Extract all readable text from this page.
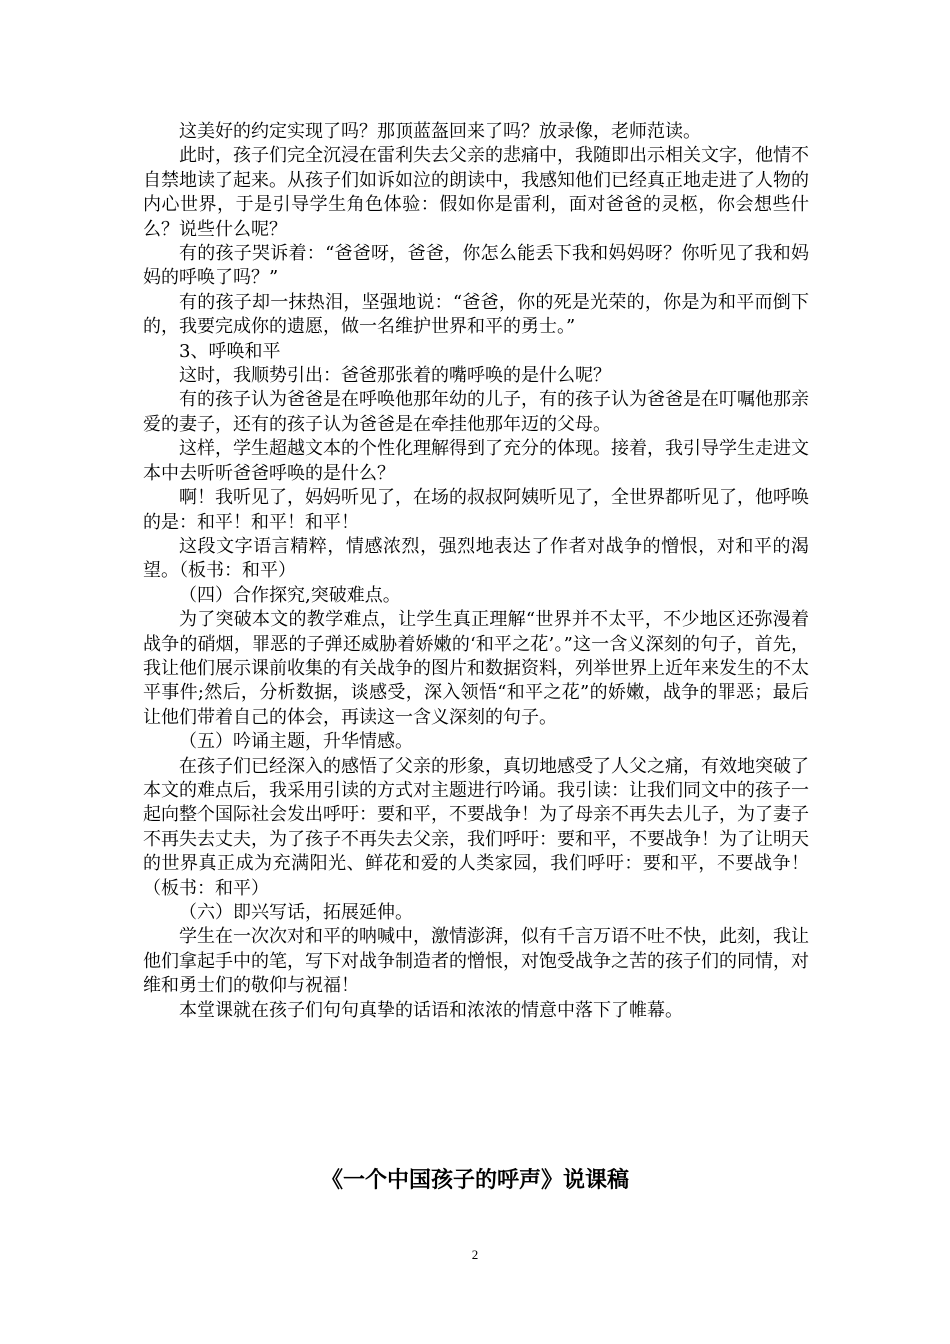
这美好的约定实现了吗？那顶蓝盔回来了吗？放录像，老师范读。

此时，孩子们完全沉浸在雷利失去父亲的悲痛中，我随即出示相关文字，他情不自禁地读了起来。从孩子们如诉如泣的朗读中，我感知他们已经真正地走进了人物的内心世界，于是引导学生角色体验：假如你是雷利，面对爸爸的灵柩，你会想些什么？说些什么呢？

有的孩子哭诉着：“爸爸呀，爸爸，你怎么能丢下我和妈妈呀？你听见了我和妈妈的呼唤了吗？”

有的孩子却一抹热泪，坚强地说：“爸爸，你的死是光荣的，你是为和平而倒下的，我要完成你的遗愿，做一名维护世界和平的勇士。”

3、呼唤和平

这时，我顺势引出：爸爸那张着的嘴呼唤的是什么呢？

有的孩子认为爸爸是在呼唤他那年幼的儿子，有的孩子认为爸爸是在叮嘱他那亲爱的妻子，还有的孩子认为爸爸是在牵挂他那年迈的父母。

这样，学生超越文本的个性化理解得到了充分的体现。接着，我引导学生走进文本中去听听爸爸呼唤的是什么？

啊！我听见了，妈妈听见了，在场的叔叔阿姨听见了，全世界都听见了，他呼唤的是：和平！和平！和平！

这段文字语言精粹，情感浓烈，强烈地表达了作者对战争的憎恨，对和平的渴望。（板书：和平）

（四）合作探究,突破难点。

为了突破本文的教学难点，让学生真正理解“世界并不太平，不少地区还弥漫着战争的硝烟，罪恶的子弹还威胁着娇嫩的‘和平之花’。”这一含义深刻的句子，首先，我让他们展示课前收集的有关战争的图片和数据资料，列举世界上近年来发生的不太平事件;然后，分析数据，谈感受，深入领悟“和平之花”的娇嫩，战争的罪恶；最后让他们带着自己的体会，再读这一含义深刻的句子。

（五）吟诵主题，升华情感。

在孩子们已经深入的感悟了父亲的形象，真切地感受了人父之痛，有效地突破了本文的难点后，我采用引读的方式对主题进行吟诵。我引读：让我们同文中的孩子一起向整个国际社会发出呼吁：要和平，不要战争！为了母亲不再失去儿子，为了妻子不再失去丈夫，为了孩子不再失去父亲，我们呼吁：要和平，不要战争！为了让明天的世界真正成为充满阳光、鲜花和爱的人类家园，我们呼吁：要和平，不要战争！（板书：和平）

（六）即兴写话，拓展延伸。

学生在一次次对和平的呐喊中，激情澎湃，似有千言万语不吐不快，此刻，我让他们拿起手中的笔，写下对战争制造者的憎恨，对饱受战争之苦的孩子们的同情，对维和勇士们的敬仰与祝福！

本堂课就在孩子们句句真挚的话语和浓浓的情意中落下了帷幕。

《一个中国孩子的呼声》说课稿
2
